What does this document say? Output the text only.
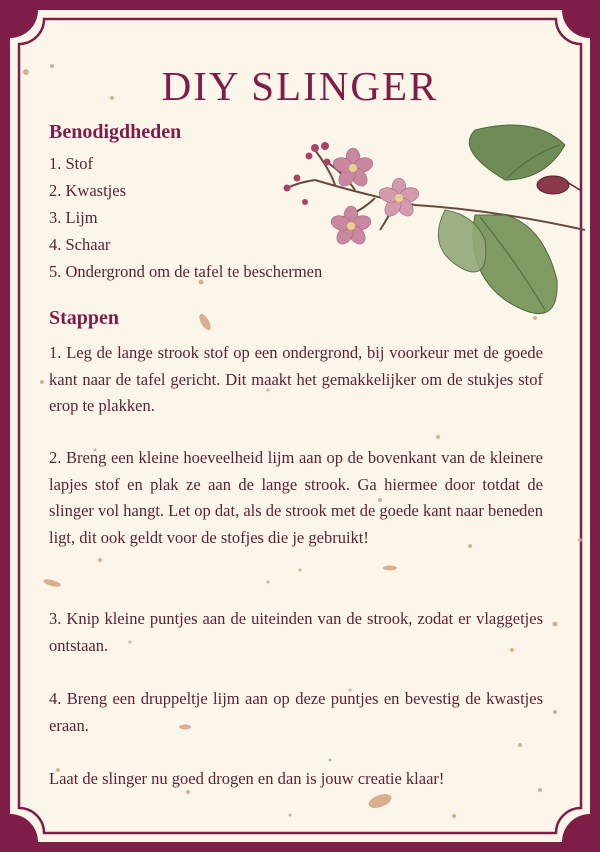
DIY SLINGER
Benodigdheden
1. Stof
2. Kwastjes
3. Lijm
4. Schaar
5. Ondergrond om de tafel te beschermen
Stappen

1. Leg de lange strook stof op een ondergrond, bij voorkeur met de goede kant naar de tafel gericht. Dit maakt het gemakkelijker om de stukjes stof erop te plakken.

2. Breng een kleine hoeveelheid lijm aan op de bovenkant van de kleinere lapjes stof en plak ze aan de lange strook. Ga hiermee door totdat de slinger vol hangt. Let op dat, als de strook met de goede kant naar beneden ligt, dit ook geldt voor de stofjes die je gebruikt!

3. Knip kleine puntjes aan de uiteinden van de strook, zodat er vlaggetjes ontstaan.

4. Breng een druppeltje lijm aan op deze puntjes en bevestig de kwastjes eraan.

Laat de slinger nu goed drogen en dan is jouw creatie klaar!
